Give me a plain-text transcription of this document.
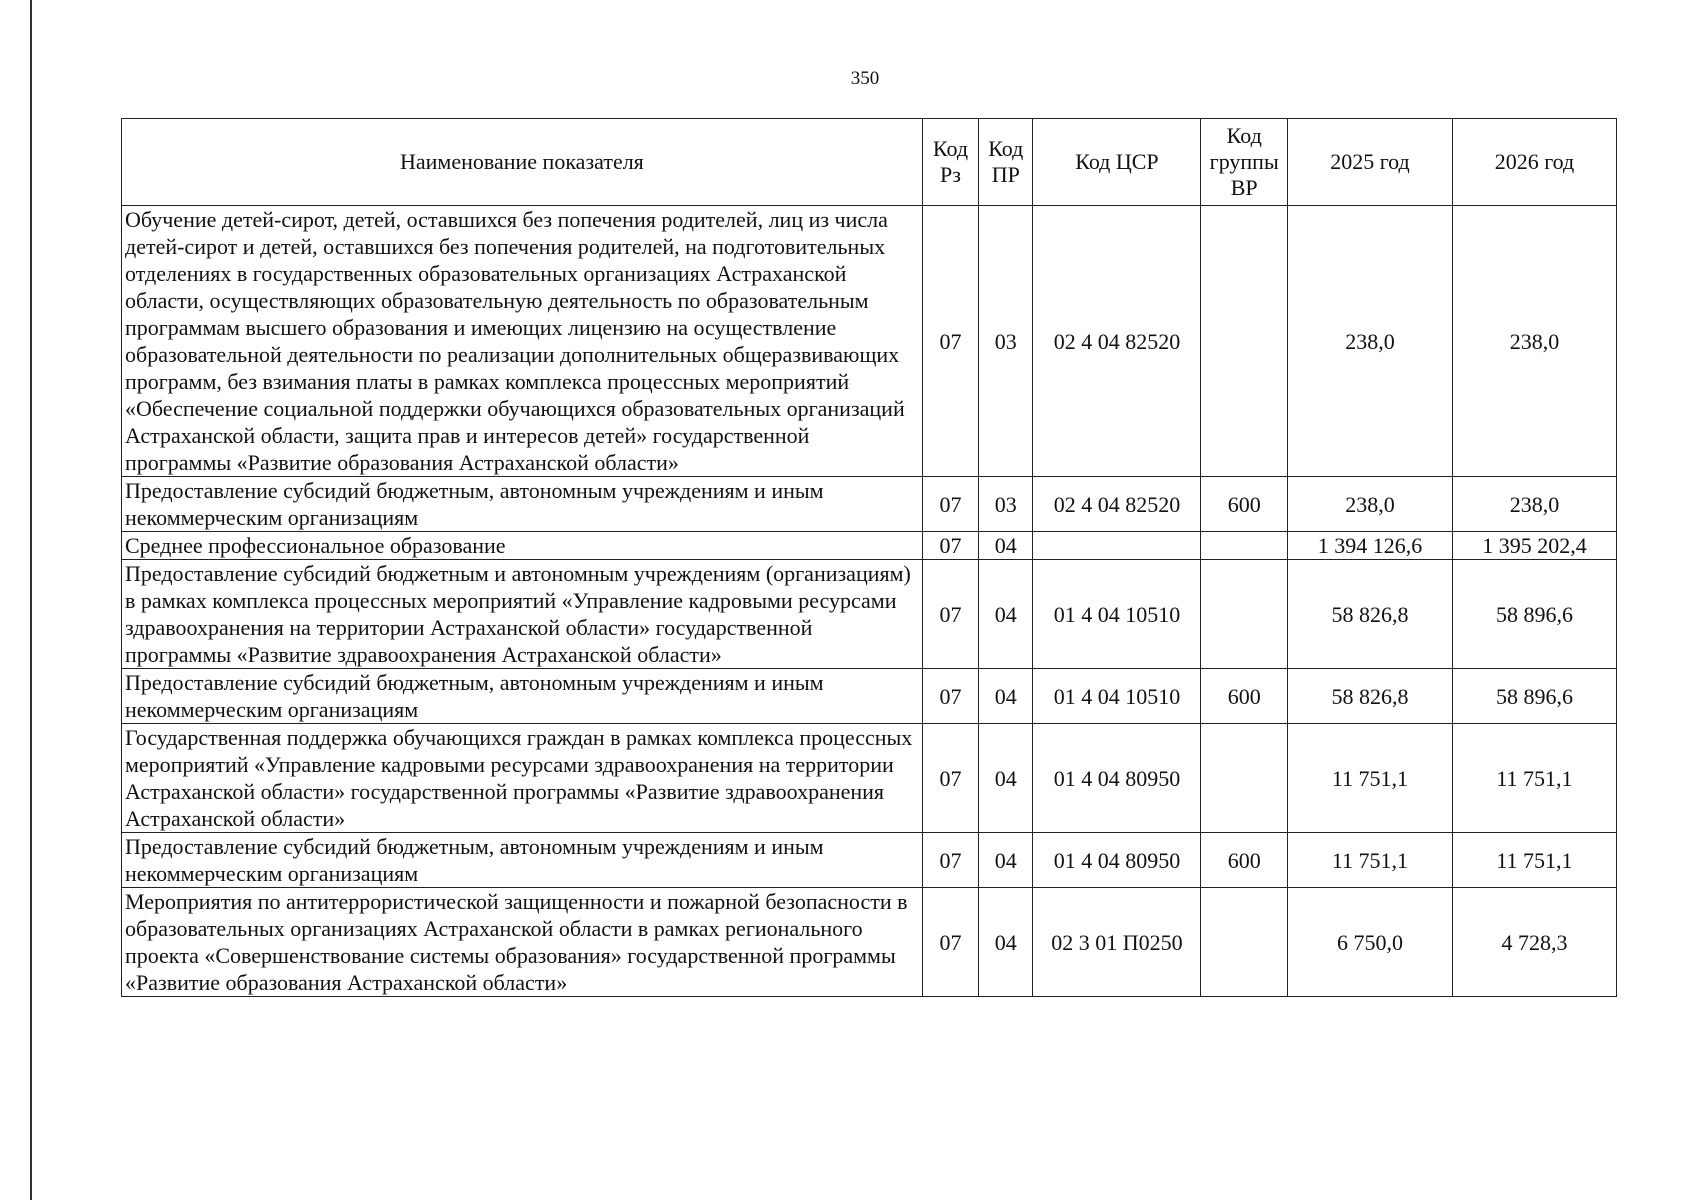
350
Наименование показателя	Код Рз	Код ПР	Код ЦСР	Код группы ВР	2025 год	2026 год
Обучение детей-сирот, детей, оставшихся без попечения родителей, лиц из числа детей-сирот и детей, оставшихся без попечения родителей, на подготовительных отделениях в государственных образовательных организациях Астраханской области, осуществляющих образовательную деятельность по образовательным программам высшего образования и имеющих лицензию на осуществление образовательной деятельности по реализации дополнительных общеразвивающих программ, без взимания платы в рамках комплекса процессных мероприятий «Обеспечение социальной поддержки обучающихся образовательных организаций Астраханской области, защита прав и интересов детей» государственной программы «Развитие образования Астраханской области»	07	03	02 4 04 82520		238,0	238,0
Предоставление субсидий бюджетным, автономным учреждениям и иным некоммерческим организациям	07	03	02 4 04 82520	600	238,0	238,0
Среднее профессиональное образование	07	04			1 394 126,6	1 395 202,4
Предоставление субсидий бюджетным и автономным учреждениям (организациям) в рамках комплекса процессных мероприятий «Управление кадровыми ресурсами здравоохранения на территории Астраханской области» государственной программы «Развитие здравоохранения Астраханской области»	07	04	01 4 04 10510		58 826,8	58 896,6
Предоставление субсидий бюджетным, автономным учреждениям и иным некоммерческим организациям	07	04	01 4 04 10510	600	58 826,8	58 896,6
Государственная поддержка обучающихся граждан в рамках комплекса процессных мероприятий «Управление кадровыми ресурсами здравоохранения на территории Астраханской области» государственной программы «Развитие здравоохранения Астраханской области»	07	04	01 4 04 80950		11 751,1	11 751,1
Предоставление субсидий бюджетным, автономным учреждениям и иным некоммерческим организациям	07	04	01 4 04 80950	600	11 751,1	11 751,1
Мероприятия по антитеррористической защищенности и пожарной безопасности в образовательных организациях Астраханской области в рамках регионального проекта «Совершенствование системы образования» государственной программы «Развитие образования Астраханской области»	07	04	02 3 01 П0250		6 750,0	4 728,3
